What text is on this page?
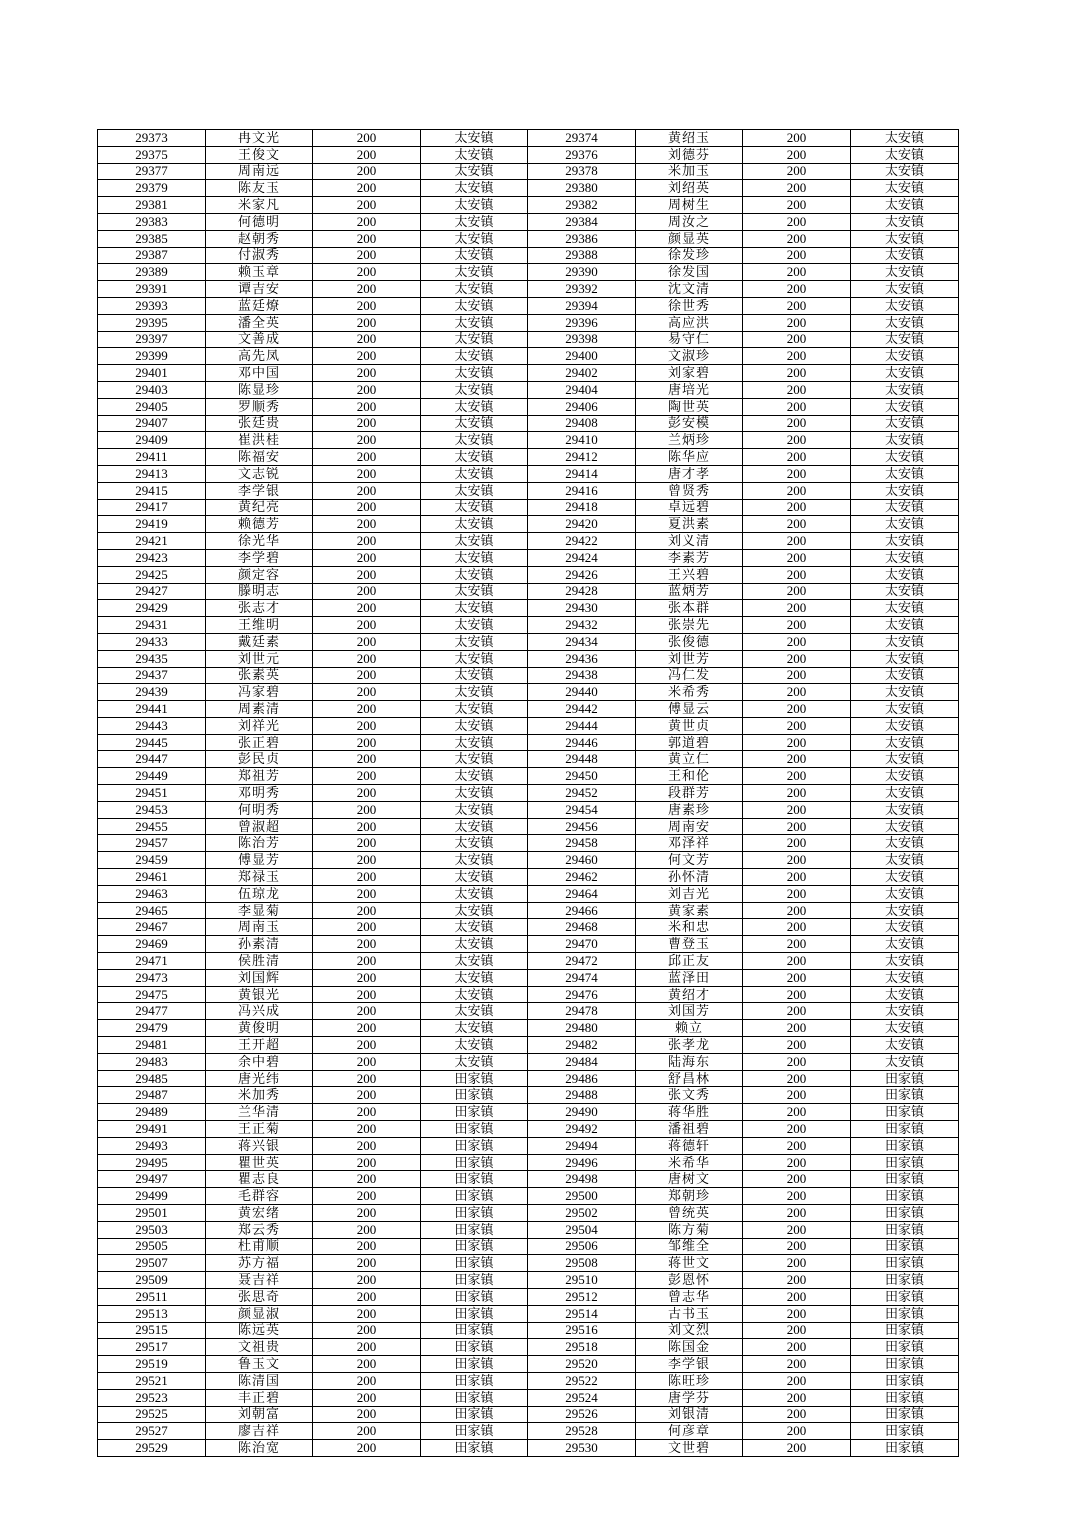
29373	冉文光	200	太安镇	29374	黄绍玉	200	太安镇
29375	王俊文	200	太安镇	29376	刘德芬	200	太安镇
29377	周南远	200	太安镇	29378	米加玉	200	太安镇
29379	陈友玉	200	太安镇	29380	刘绍英	200	太安镇
29381	米家凡	200	太安镇	29382	周树生	200	太安镇
29383	何德明	200	太安镇	29384	周汝之	200	太安镇
29385	赵朝秀	200	太安镇	29386	颜显英	200	太安镇
29387	付淑秀	200	太安镇	29388	徐发珍	200	太安镇
29389	赖玉章	200	太安镇	29390	徐发国	200	太安镇
29391	谭吉安	200	太安镇	29392	沈文清	200	太安镇
29393	蓝廷燎	200	太安镇	29394	徐世秀	200	太安镇
29395	潘全英	200	太安镇	29396	高应洪	200	太安镇
29397	文善成	200	太安镇	29398	易守仁	200	太安镇
29399	高先凤	200	太安镇	29400	文淑珍	200	太安镇
29401	邓中国	200	太安镇	29402	刘家碧	200	太安镇
29403	陈显珍	200	太安镇	29404	唐培光	200	太安镇
29405	罗顺秀	200	太安镇	29406	陶世英	200	太安镇
29407	张廷贵	200	太安镇	29408	彭安模	200	太安镇
29409	崔洪桂	200	太安镇	29410	兰炳珍	200	太安镇
29411	陈福安	200	太安镇	29412	陈华应	200	太安镇
29413	文志锐	200	太安镇	29414	唐才孝	200	太安镇
29415	李学银	200	太安镇	29416	曾贤秀	200	太安镇
29417	黄纪亮	200	太安镇	29418	卓远碧	200	太安镇
29419	赖德芳	200	太安镇	29420	夏洪素	200	太安镇
29421	徐光华	200	太安镇	29422	刘义清	200	太安镇
29423	李学碧	200	太安镇	29424	李素芳	200	太安镇
29425	颜定容	200	太安镇	29426	王兴碧	200	太安镇
29427	滕明志	200	太安镇	29428	蓝炳芳	200	太安镇
29429	张志才	200	太安镇	29430	张本群	200	太安镇
29431	王维明	200	太安镇	29432	张崇先	200	太安镇
29433	戴廷素	200	太安镇	29434	张俊德	200	太安镇
29435	刘世元	200	太安镇	29436	刘世芳	200	太安镇
29437	张素英	200	太安镇	29438	冯仁发	200	太安镇
29439	冯家碧	200	太安镇	29440	米希秀	200	太安镇
29441	周素清	200	太安镇	29442	傅显云	200	太安镇
29443	刘祥光	200	太安镇	29444	黄世贞	200	太安镇
29445	张正碧	200	太安镇	29446	郭道碧	200	太安镇
29447	彭民贞	200	太安镇	29448	黄立仁	200	太安镇
29449	郑祖芳	200	太安镇	29450	王和伦	200	太安镇
29451	邓明秀	200	太安镇	29452	段群芳	200	太安镇
29453	何明秀	200	太安镇	29454	唐素珍	200	太安镇
29455	曾淑超	200	太安镇	29456	周南安	200	太安镇
29457	陈治芳	200	太安镇	29458	邓泽祥	200	太安镇
29459	傅显芳	200	太安镇	29460	何文芳	200	太安镇
29461	郑禄玉	200	太安镇	29462	孙怀清	200	太安镇
29463	伍琼龙	200	太安镇	29464	刘吉光	200	太安镇
29465	李显菊	200	太安镇	29466	黄家素	200	太安镇
29467	周南玉	200	太安镇	29468	米和忠	200	太安镇
29469	孙素清	200	太安镇	29470	曹登玉	200	太安镇
29471	侯胜清	200	太安镇	29472	邱正友	200	太安镇
29473	刘国辉	200	太安镇	29474	蓝泽田	200	太安镇
29475	黄银光	200	太安镇	29476	黄绍才	200	太安镇
29477	冯兴成	200	太安镇	29478	刘国芳	200	太安镇
29479	黄俊明	200	太安镇	29480	赖立	200	太安镇
29481	王开超	200	太安镇	29482	张孝龙	200	太安镇
29483	余中碧	200	太安镇	29484	陆海东	200	太安镇
29485	唐光纬	200	田家镇	29486	舒昌林	200	田家镇
29487	米加秀	200	田家镇	29488	张文秀	200	田家镇
29489	兰华清	200	田家镇	29490	蒋华胜	200	田家镇
29491	王正菊	200	田家镇	29492	潘祖碧	200	田家镇
29493	蒋兴银	200	田家镇	29494	蒋德轩	200	田家镇
29495	瞿世英	200	田家镇	29496	米希华	200	田家镇
29497	瞿志良	200	田家镇	29498	唐树文	200	田家镇
29499	毛群容	200	田家镇	29500	郑朝珍	200	田家镇
29501	黄宏绪	200	田家镇	29502	曾统英	200	田家镇
29503	郑云秀	200	田家镇	29504	陈方菊	200	田家镇
29505	杜甫顺	200	田家镇	29506	邹维全	200	田家镇
29507	苏方福	200	田家镇	29508	蒋世文	200	田家镇
29509	聂吉祥	200	田家镇	29510	彭恩怀	200	田家镇
29511	张思奇	200	田家镇	29512	曾志华	200	田家镇
29513	颜显淑	200	田家镇	29514	古书玉	200	田家镇
29515	陈远英	200	田家镇	29516	刘文烈	200	田家镇
29517	文祖贵	200	田家镇	29518	陈国金	200	田家镇
29519	鲁玉文	200	田家镇	29520	李学银	200	田家镇
29521	陈清国	200	田家镇	29522	陈旺珍	200	田家镇
29523	丰正碧	200	田家镇	29524	唐学芬	200	田家镇
29525	刘朝富	200	田家镇	29526	刘银清	200	田家镇
29527	廖吉祥	200	田家镇	29528	何彦章	200	田家镇
29529	陈治宽	200	田家镇	29530	文世碧	200	田家镇
